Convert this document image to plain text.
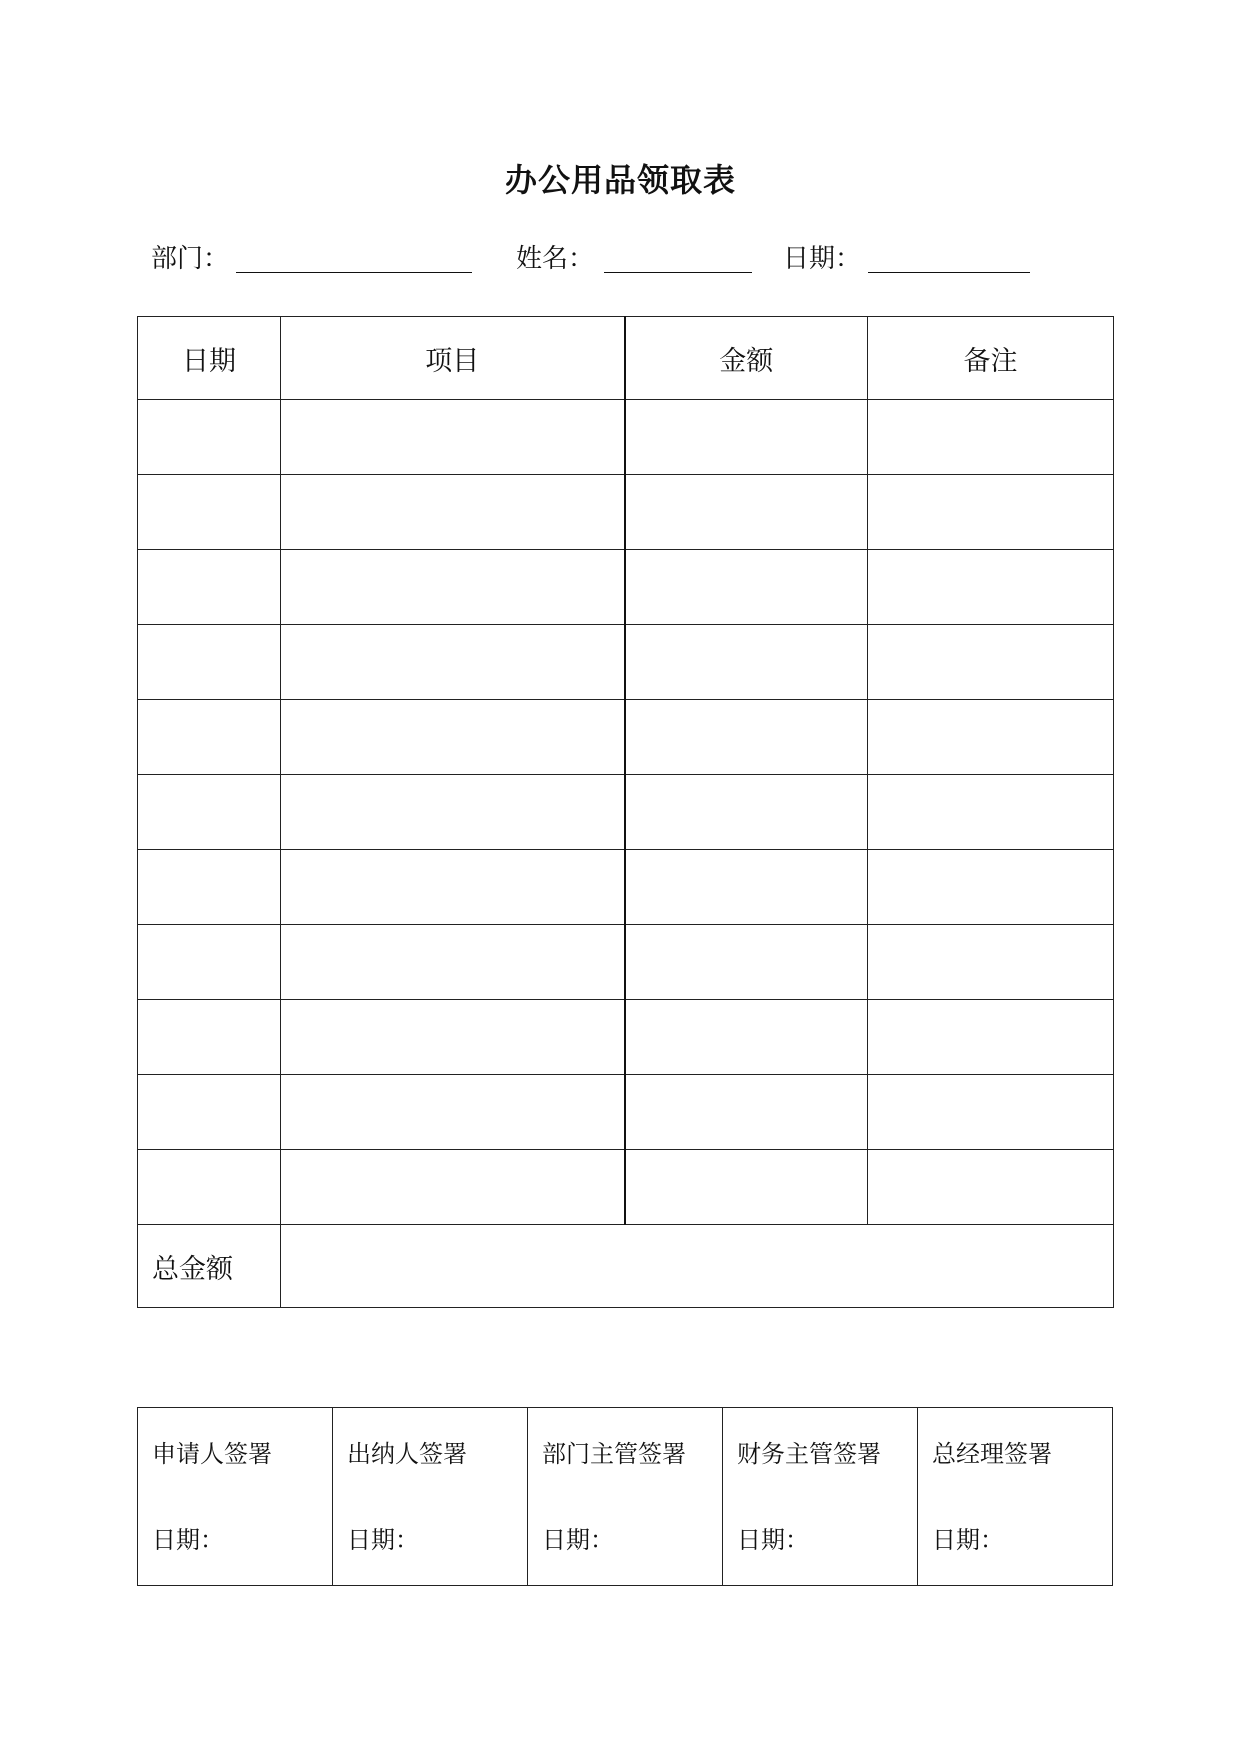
办公用品领取表
部门：	姓名：	日期：
日期	项目	金额	备注

总金额			
申请人签署
日期：

出纳人签署
日期：

部门主管签署
日期：

财务主管签署
日期：

总经理签署
日期：
